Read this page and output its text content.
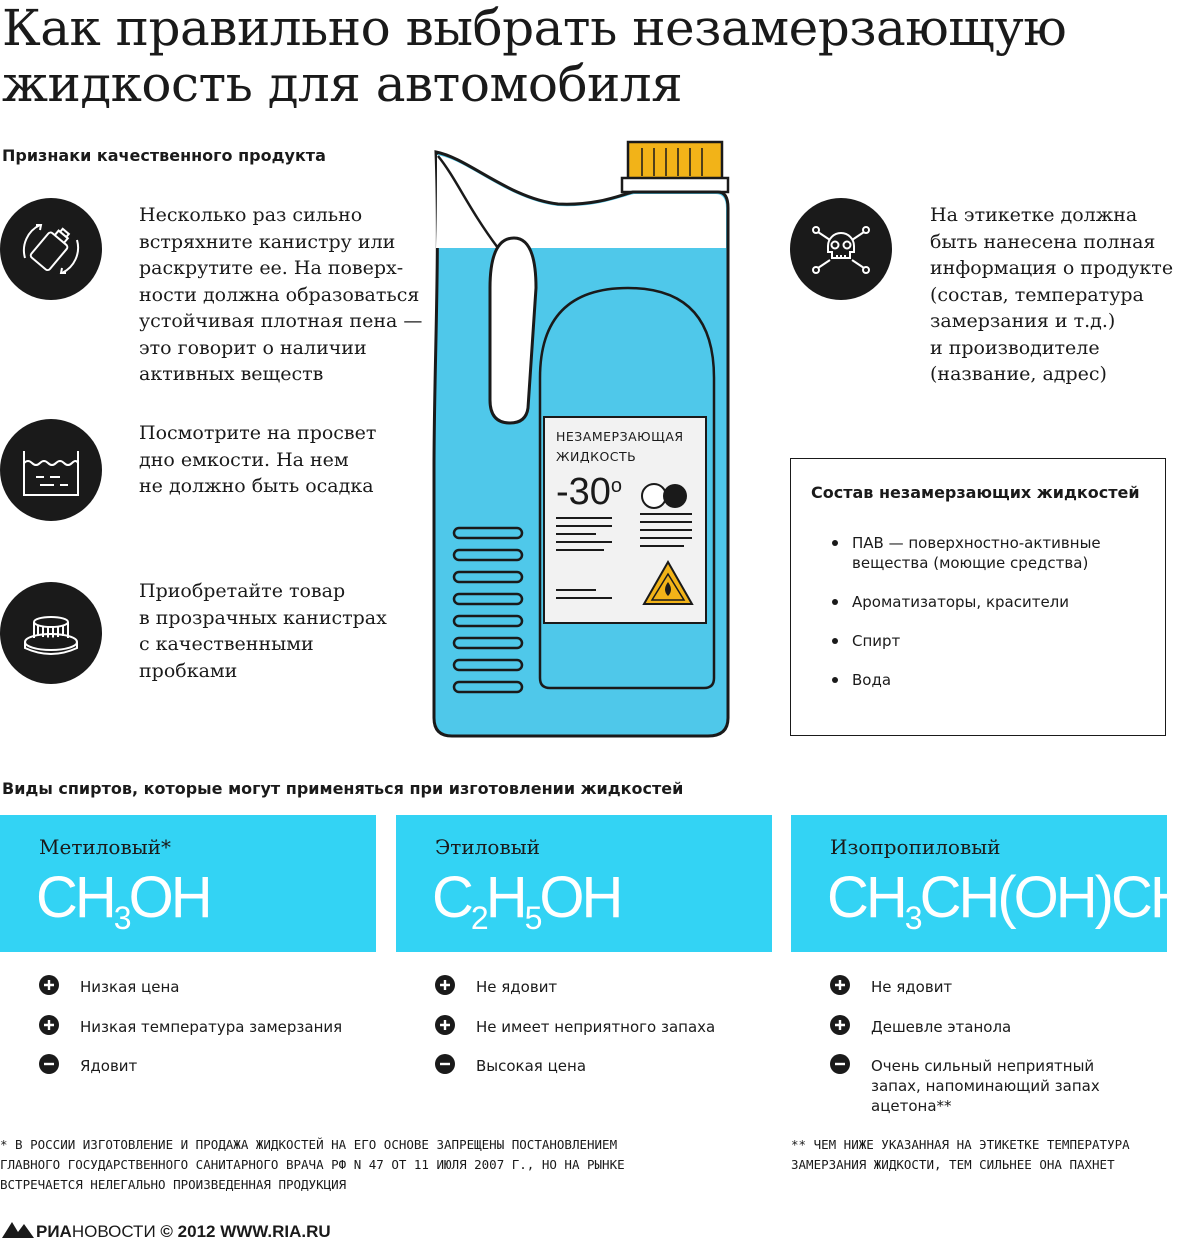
Как правильно выбрать незамерзающую
жидкость для автомобиля
Признаки качественного продукта
Несколько раз сильно
встряхните канистру или
раскрутите ее. На поверх-
ности должна образоваться
устойчивая плотная пена —
это говорит о наличии
активных веществ
Посмотрите на просвет
дно емкости. На нем
не должно быть осадка
Приобретайте товар
в прозрачных канистрах
с качественными
пробками
На этикетке должна
быть нанесена полная
информация о продукте
(состав, температура
замерзания и т.д.)
и производителе
(название, адрес)
НЕЗАМЕРЗАЮЩАЯ
ЖИДКОСТЬ
$-30^о$	Состав незамерзающих жидкостей
ПАВ — поверхностно-активные
вещества (моющие средства)
Ароматизаторы, красители
Спирт
Вода
Виды спиртов, которые могут применяться при изготовлении жидкостей
Метиловый*
$CH_3OH$
Этиловый
$C_2H_5OH$
Изопропиловый
$CH_3CH(OH)CH_3$
Низкая цена
Низкая температура замерзания
Ядовит
Не ядовит
Не имеет неприятного запаха
Высокая цена
Не ядовит
Дешевле этанола
Очень сильный неприятный
запах, напоминающий запах
ацетона**
* В РОССИИ ИЗГОТОВЛЕНИЕ И ПРОДАЖА ЖИДКОСТЕЙ НА ЕГО ОСНОВЕ ЗАПРЕЩЕНЫ ПОСТАНОВЛЕНИЕМ
ГЛАВНОГО ГОСУДАРСТВЕННОГО САНИТАРНОГО ВРАЧА РФ N 47 ОТ 11 ИЮЛЯ 2007 Г., НО НА РЫНКЕ
ВСТРЕЧАЕТСЯ НЕЛЕГАЛЬНО ПРОИЗВЕДЕННАЯ ПРОДУКЦИЯ
** ЧЕМ НИЖЕ УКАЗАННАЯ НА ЭТИКЕТКЕ ТЕМПЕРАТУРА
ЗАМЕРЗАНИЯ ЖИДКОСТИ, ТЕМ СИЛЬНЕЕ ОНА ПАХНЕТ
РИАНОВОСТИ © 2012 WWW.RIA.RU
